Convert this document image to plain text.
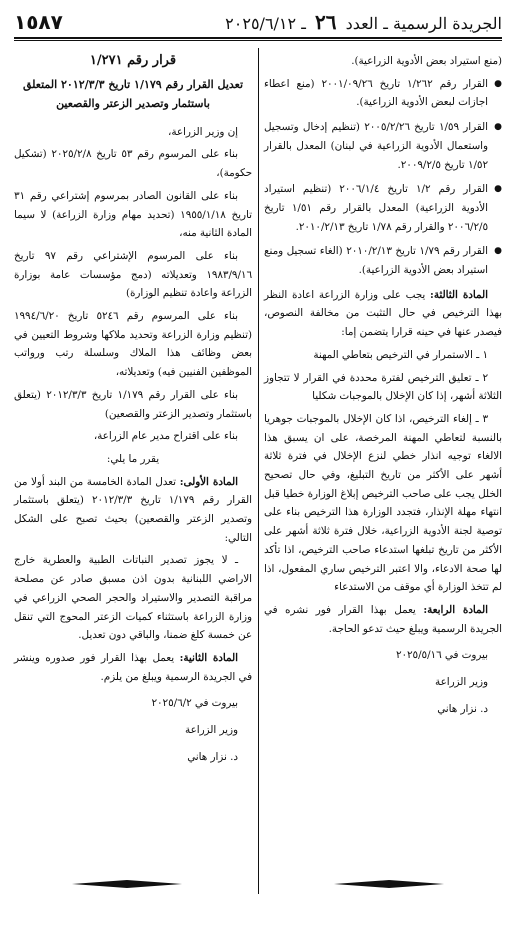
الجريدة الرسمية ـ العدد ٢٦ ـ ٢٠٢٥/٦/١٢
١٥٨٧

(منع استيراد بعض الأدوية الزراعية).

● القرار رقم ١/٢٦٢ تاريخ ٢٠٠١/٠٩/٢٦ (منع اعطاء اجازات لبعض الأدوية الزراعية).

● القرار ١/٥٩ تاريخ ٢٠٠٥/٢/٢٦ (تنظيم إدخال وتسجيل واستعمال الأدوية الزراعية في لبنان) المعدل بالقرار ١/٥٢ تاريخ ٢٠٠٩/٢/٥.

● القرار رقم ١/٢ تاريخ ٢٠٠٦/١/٤ (تنظيم استيراد الأدوية الزراعية) المعدل بالقرار رقم ١/٥١ تاريخ ٢٠٠٦/٢/٥ والقرار رقم ١/٧٨ تاريخ ٢٠١٠/٢/١٣.

● القرار رقم ١/٧٩ تاريخ ٢٠١٠/٢/١٣ (الغاء تسجيل ومنع استيراد بعض الأدوية الزراعية).

المادة الثالثة: يجب على وزارة الزراعة اعادة النظر بهذا الترخيص في حال التثبت من مخالفة النصوص، فيصدر عنها في حينه قرارا يتضمن إما:

١ ـ الاستمرار في الترخيص بتعاطي المهنة

٢ ـ تعليق الترخيص لفترة محددة في القرار لا تتجاوز الثلاثة أشهر، إذا كان الإخلال بالموجبات شكليا

٣ ـ إلغاء الترخيص، اذا كان الإخلال بالموجبات جوهريا بالنسبة لتعاطي المهنة المرخصة، على ان يسبق هذا الالغاء توجيه انذار خطي لنزع الإخلال في فترة ثلاثة أشهر على الأكثر من تاريخ التبليغ، وفي حال تصحيح الخلل يجب على صاحب الترخيص إبلاغ الوزارة خطيا قبل انتهاء مهلة الإنذار، فتجدد الوزارة هذا الترخيص بناء على توصية لجنة الأدوية الزراعية، خلال فترة ثلاثة أشهر على الأكثر من تاريخ تبلغها استدعاء صاحب الترخيص، اذا تأكد لها صحة الادعاء، والا اعتبر الترخيص ساري المفعول، اذا لم تتخذ الوزارة أي موقف من الاستدعاء

المادة الرابعة: يعمل بهذا القرار فور نشره في الجريدة الرسمية ويبلغ حيث تدعو الحاجة.

بيروت في ٢٠٢٥/٥/١٦

وزير الزراعة

د. نزار هاني

قرار رقم ١/٢٧١

تعديل القرار رقم ١/١٧٩ تاريخ ٢٠١٢/٣/٣ المتعلق باستثمار وتصدير الزعتر والقصعين

إن وزير الزراعة،

بناء على المرسوم رقم ٥٣ تاريخ ٢٠٢٥/٢/٨ (تشكيل حكومة)،

بناء على القانون الصادر بمرسوم إشتراعي رقم ٣١ تاريخ ١٩٥٥/١/١٨ (تحديد مهام وزارة الزراعة) لا سيما المادة الثانية منه،

بناء على المرسوم الإشتراعي رقم ٩٧ تاريخ ١٩٨٣/٩/١٦ وتعديلاته (دمج مؤسسات عامة بوزارة الزراعة واعادة تنظيم الوزارة)

بناء على المرسوم رقم ٥٢٤٦ تاريخ ١٩٩٤/٦/٢٠ (تنظيم وزارة الزراعة وتحديد ملاكها وشروط التعيين في بعض وظائف هذا الملاك وسلسلة رتب ورواتب الموظفين الفنيين فيه) وتعديلاته،

بناء على القرار رقم ١/١٧٩ تاريخ ٢٠١٢/٣/٣ (يتعلق باستثمار وتصدير الزعتر والقصعين)

بناء على اقتراح مدير عام الزراعة،

يقرر ما يلي:

المادة الأولى: تعدل المادة الخامسة من البند أولا من القرار رقم ١/١٧٩ تاريخ ٢٠١٢/٣/٣ (يتعلق باستثمار وتصدير الزعتر والقصعين) بحيث تصبح على الشكل التالي:

ـ لا يجوز تصدير النباتات الطبية والعطرية خارج الاراضي اللبنانية بدون اذن مسبق صادر عن مصلحة مراقبة التصدير والاستيراد والحجر الصحي الزراعي في وزارة الزراعة باستثناء كميات الزعتر المحوج التي تنقل عن خمسة كلغ ضمنا، والباقي دون تعديل.

المادة الثانية: يعمل بهذا القرار فور صدوره وينشر في الجريدة الرسمية ويبلغ من يلزم.

بيروت في ٢٠٢٥/٦/٢

وزير الزراعة

د. نزار هاني
